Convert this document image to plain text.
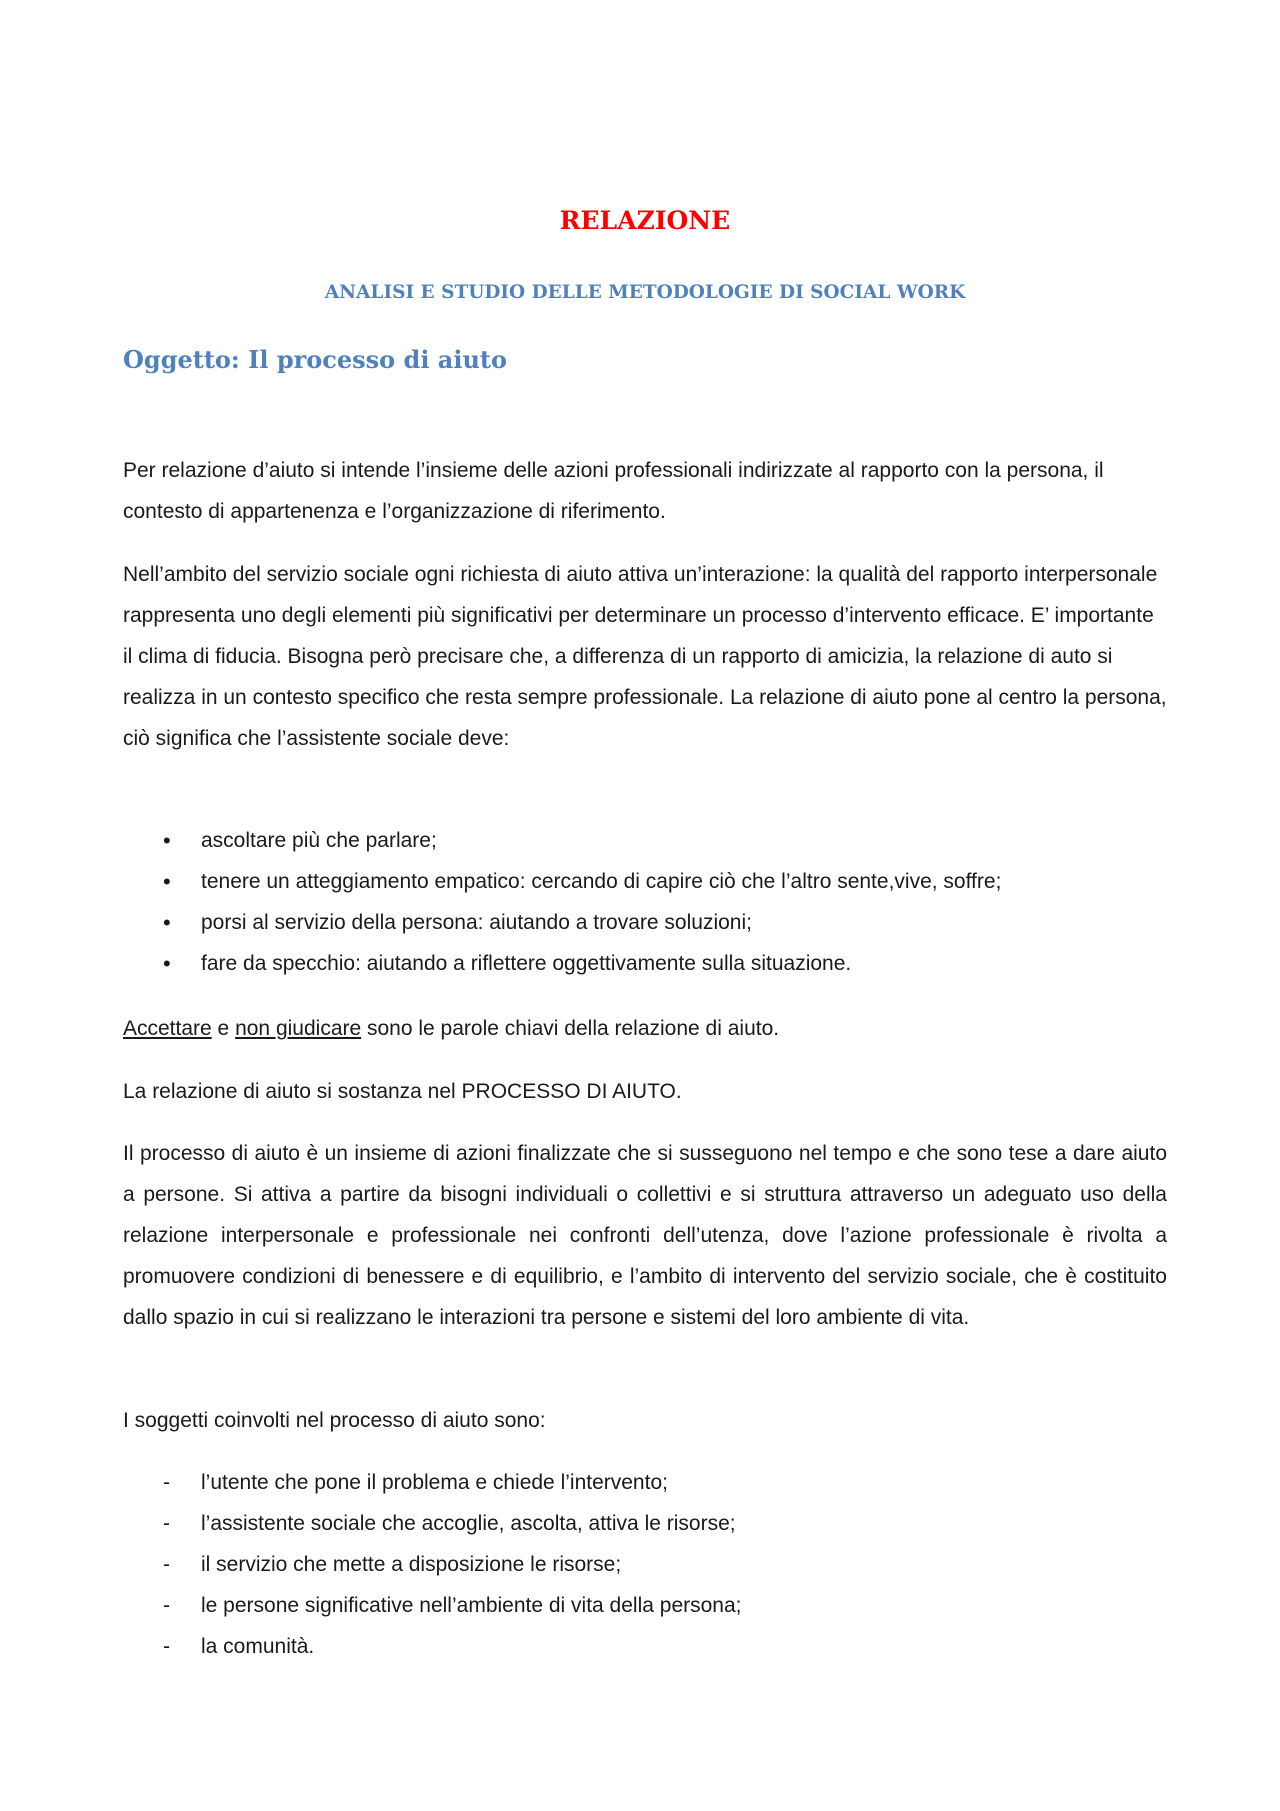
RELAZIONE
ANALISI E STUDIO DELLE METODOLOGIE DI SOCIAL WORK
Oggetto: Il processo di aiuto

Per relazione d’aiuto si intende l’insieme delle azioni professionali indirizzate al rapporto con la persona, il contesto di appartenenza e l’organizzazione di riferimento.

Nell’ambito del servizio sociale ogni richiesta di aiuto attiva un’interazione: la qualità del rapporto interpersonale rappresenta uno degli elementi più significativi per determinare un processo d’intervento efficace. E’ importante il clima di fiducia. Bisogna però precisare che, a differenza di un rapporto di amicizia, la relazione di auto si realizza in un contesto specifico che resta sempre professionale. La relazione di aiuto pone al centro la persona, ciò significa che l’assistente sociale deve:

• ascoltare più che parlare;
• tenere un atteggiamento empatico: cercando di capire ciò che l’altro sente,vive, soffre;
• porsi al servizio della persona: aiutando a trovare soluzioni;
• fare da specchio: aiutando a riflettere oggettivamente sulla situazione.

Accettare e non giudicare sono le parole chiavi della relazione di aiuto.

La relazione di aiuto si sostanza nel PROCESSO DI AIUTO.

Il processo di aiuto è un insieme di azioni finalizzate che si susseguono nel tempo e che sono tese a dare aiuto a persone. Si attiva a partire da bisogni individuali o collettivi e si struttura attraverso un adeguato uso della relazione interpersonale e professionale nei confronti dell’utenza, dove l’azione professionale è rivolta a promuovere condizioni di benessere e di equilibrio, e l’ambito di intervento del servizio sociale, che è costituito dallo spazio in cui si realizzano le interazioni tra persone e sistemi del loro ambiente di vita.

I soggetti coinvolti nel processo di aiuto sono:

- l’utente che pone il problema e chiede l’intervento;
- l’assistente sociale che accoglie, ascolta, attiva le risorse;
- il servizio che mette a disposizione le risorse;
- le persone significative nell’ambiente di vita della persona;
- la comunità.
